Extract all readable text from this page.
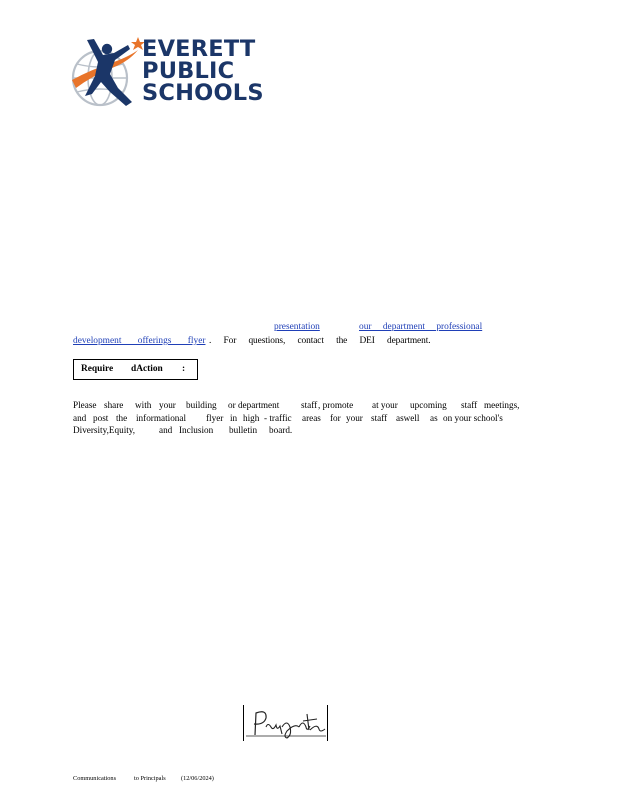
EVERETT
PUBLIC
SCHOOLS
presentation	our department professional
development offerings flyer . For questions, contact the DEI department.
Require dAction :
Please share with your building or department staff , promote at your upcoming staff meetings,
and post the informational flyer in high - traffic areas for your staff aswell as on your school's
Diversity,Equity,	and Inclusion bulletin board.
Communications	to Principals (12/06/2024)
